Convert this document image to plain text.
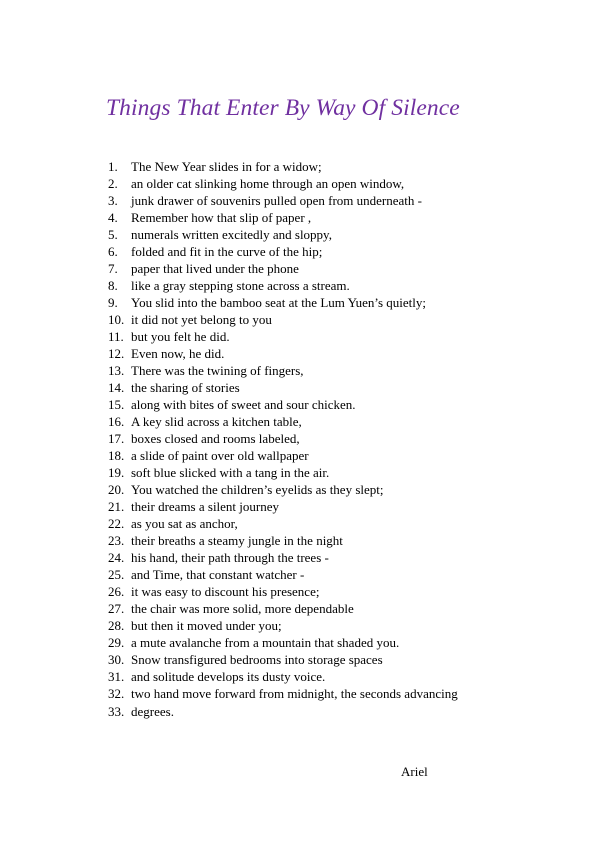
Things That Enter By Way Of Silence
1.	The New Year slides in for a widow;
2.	an older cat slinking home through an open window,
3.	junk drawer of souvenirs pulled open from underneath -
4.	Remember how that slip of paper ,
5.	numerals written excitedly and sloppy,
6.	folded and fit in the curve of the hip;
7.	paper that lived under the phone
8.	like a gray stepping stone across a stream.
9.	You slid into the bamboo seat at the Lum Yuen’s quietly;
10. it did not yet belong to you
11. but you felt he did.
12. Even now, he did.
13. There was the twining of fingers,
14. the sharing of stories
15. along with bites of sweet and sour chicken.
16. A key slid across a kitchen table,
17. boxes closed and rooms labeled,
18. a slide of paint over old wallpaper
19. soft blue slicked with a tang in the air.
20. You watched the children’s eyelids as they slept;
21. their dreams a silent journey
22. as you sat as anchor,
23. their breaths a steamy jungle in the night
24. his hand, their path through the trees -
25. and Time, that constant watcher -
26. it was easy to discount his presence;
27. the chair was more solid, more dependable
28. but then it moved under you;
29. a mute avalanche from a mountain that shaded you.
30. Snow transfigured bedrooms into storage spaces
31. and solitude develops its dusty voice.
32. two hand move forward from midnight, the seconds advancing
33. degrees.
Ariel
